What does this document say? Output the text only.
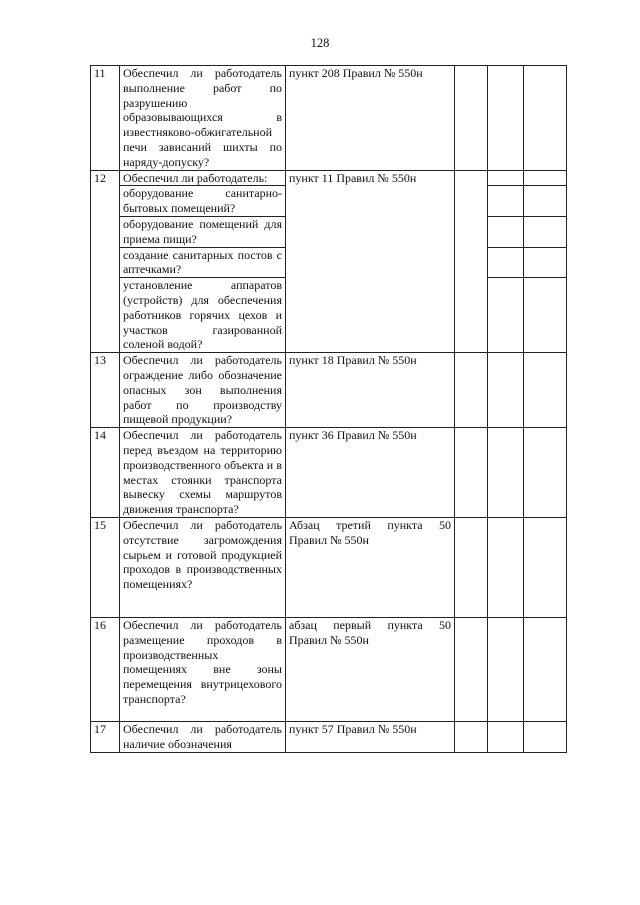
128
11	Обеспечил ли работодатель выполнение работ по разрушению образовывающихся в известняково-обжигательной печи зависаний шихты по наряду-допуску?	пункт 208 Правил № 550н			
12	Обеспечил ли работодатель:	пункт 11 Правил № 550н			
	оборудование санитарно-бытовых помещений?				
	оборудование помещений для приема пищи?				
	создание санитарных постов с аптечками?				
	установление аппаратов (устройств) для обеспечения работников горячих цехов и участков газированной соленой водой?				
13	Обеспечил ли работодатель ограждение либо обозначение опасных зон выполнения работ по производству пищевой продукции?	пункт 18 Правил № 550н			
14	Обеспечил ли работодатель перед въездом на территорию производственного объекта и в местах стоянки транспорта вывеску схемы маршрутов движения транспорта?	пункт 36 Правил № 550н			
15	Обеспечил ли работодатель отсутствие загромождения сырьем и готовой продукцией проходов в производственных помещениях?	Абзац третий пункта 50 Правил № 550н			
16	Обеспечил ли работодатель размещение проходов в производственных помещениях вне зоны перемещения внутрицехового транспорта?	абзац первый пункта 50 Правил № 550н			
17	Обеспечил ли работодатель наличие обозначения	пункт 57 Правил № 550н			
